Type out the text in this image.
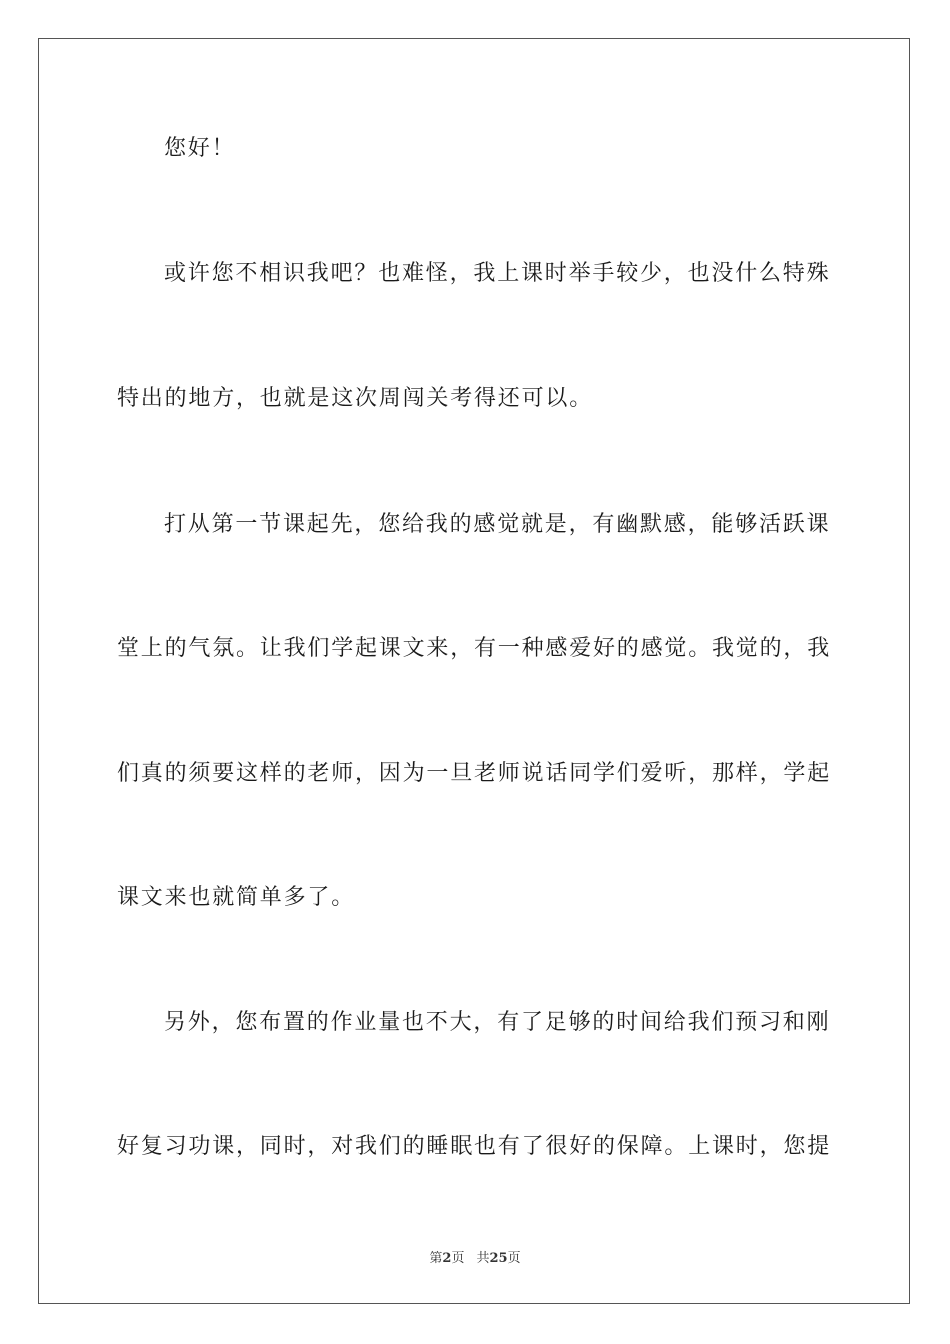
您好！
或许您不相识我吧？也难怪，我上课时举手较少，也没什么特殊
特出的地方，也就是这次周闯关考得还可以。
打从第一节课起先，您给我的感觉就是，有幽默感，能够活跃课
堂上的气氛。让我们学起课文来，有一种感爱好的感觉。我觉的，我
们真的须要这样的老师，因为一旦老师说话同学们爱听，那样，学起
课文来也就简单多了。
另外，您布置的作业量也不大，有了足够的时间给我们预习和刚
好复习功课，同时，对我们的睡眠也有了很好的保障。上课时，您提
第2页 共25页
